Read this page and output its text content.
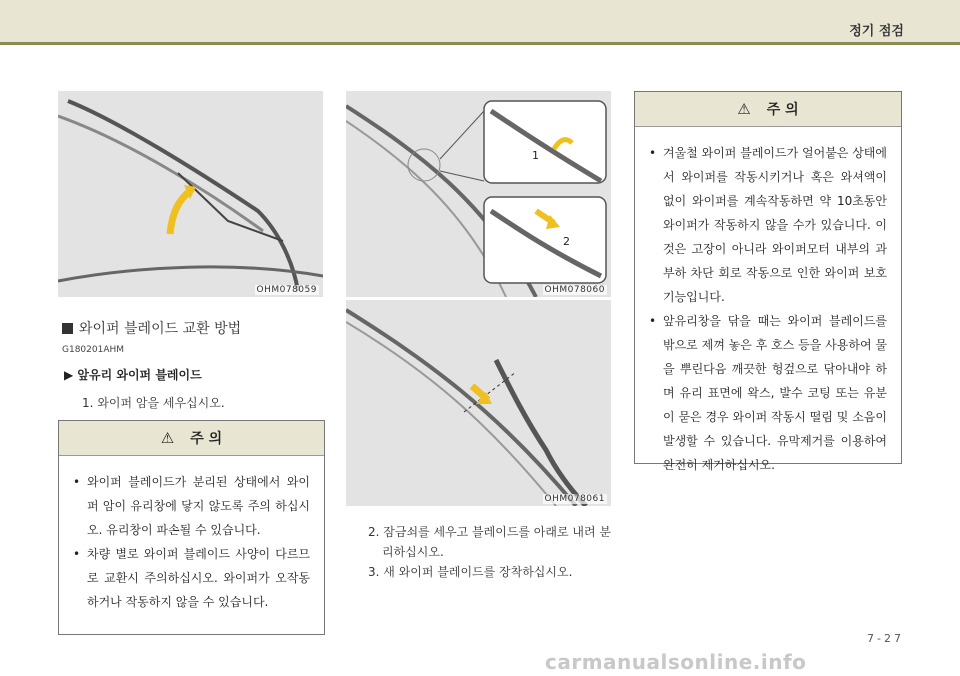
정기 점검
OHM078059
1
2
OHM078060
OHM078061
와이퍼 블레이드 교환 방법
G180201AHM
▶ 앞유리 와이퍼 블레이드
1. 와이퍼 암을 세우십시오.
⚠ 주 의
• 와이퍼 블레이드가 분리된 상태에서 와이퍼 암이 유리창에 닿지 않도록 주의 하십시오. 유리창이 파손될 수 있습니다.
• 차량 별로 와이퍼 블레이드 사양이 다르므로 교환시 주의하십시오. 와이퍼가 오작동하거나 작동하지 않을 수 있습니다.

2. 잠금쇠를 세우고 블레이드를 아래로 내려 분

리하십시오.

3. 새 와이퍼 블레이드를 장착하십시오.

⚠ 주 의
• 겨울철 와이퍼 블레이드가 얼어붙은 상태에서 와이퍼를 작동시키거나 혹은 와셔액이 없이 와이퍼를 계속작동하면 약 10초동안 와이퍼가 작동하지 않을 수가 있습니다. 이것은 고장이 아니라 와이퍼모터 내부의 과부하 차단 회로 작동으로 인한 와이퍼 보호 기능입니다.
• 앞유리창을 닦을 때는 와이퍼 블레이드를 밖으로 제껴 놓은 후 호스 등을 사용하여 물을 뿌린다음 깨끗한 헝겊으로 닦아내야 하며 유리 표면에 왁스, 발수 코팅 또는 유분이 묻은 경우 와이퍼 작동시 떨림 및 소음이 발생할 수 있습니다. 유막제거를 이용하여 완전히 제거하십시오.
7-27
carmanualsonline.info
